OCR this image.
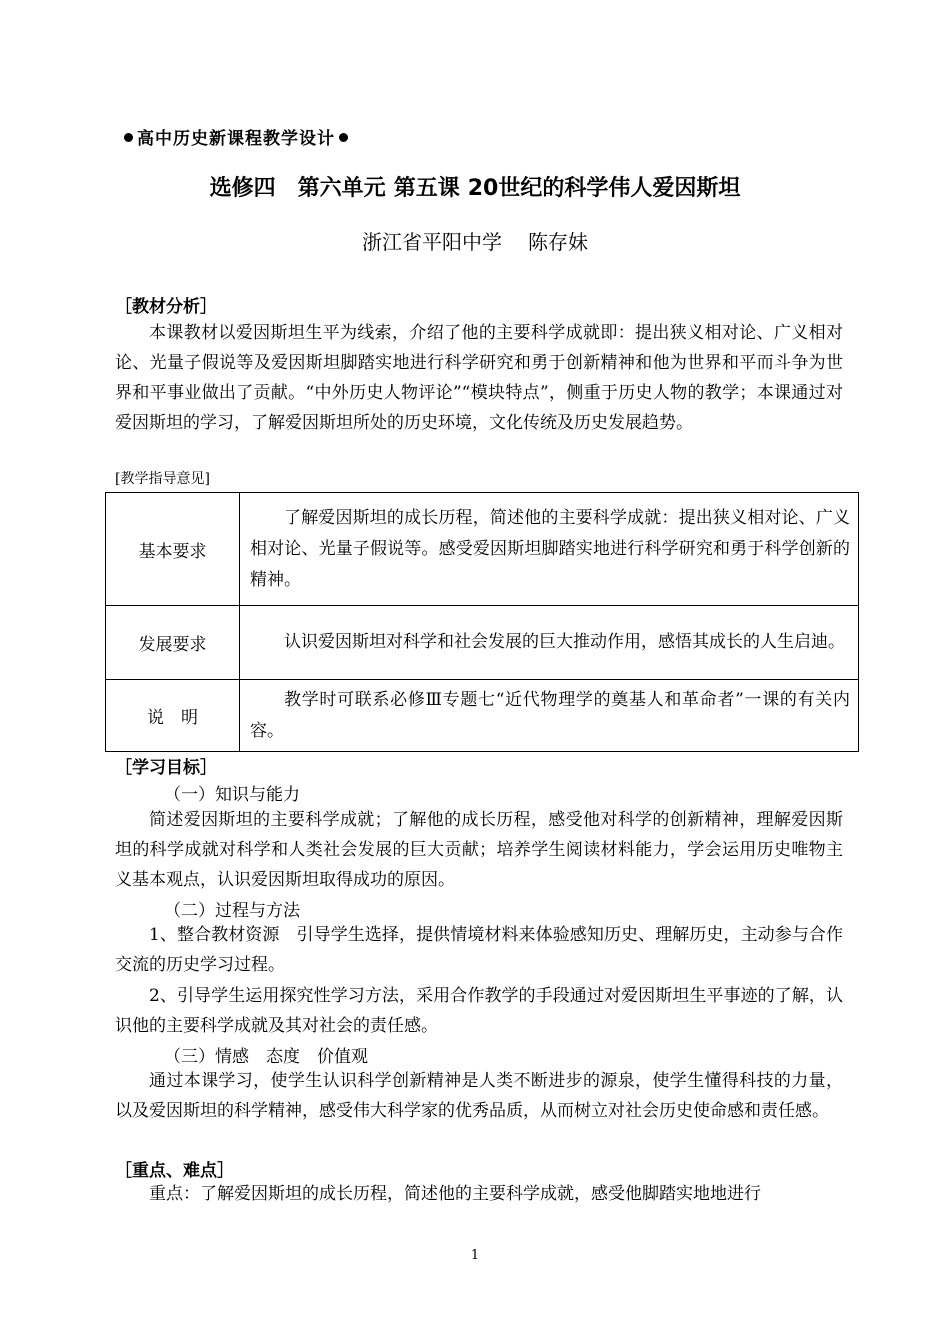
高中历史新课程教学设计
选修四 第六单元 第五课 20世纪的科学伟人爱因斯坦
浙江省平阳中学 陈存妹
［教材分析］
本课教材以爱因斯坦生平为线索，介绍了他的主要科学成就即：提出狭义相对论、广义相对论、光量子假说等及爱因斯坦脚踏实地进行科学研究和勇于创新精神和他为世界和平而斗争为世界和平事业做出了贡献。“中外历史人物评论”“模块特点”，侧重于历史人物的教学；本课通过对爱因斯坦的学习，了解爱因斯坦所处的历史环境，文化传统及历史发展趋势。
[教学指导意见]
基本要求	了解爱因斯坦的成长历程，简述他的主要科学成就：提出狭义相对论、广义相对论、光量子假说等。感受爱因斯坦脚踏实地进行科学研究和勇于科学创新的精神。
发展要求	认识爱因斯坦对科学和社会发展的巨大推动作用，感悟其成长的人生启迪。
说　明	教学时可联系必修Ⅲ专题七“近代物理学的奠基人和革命者”一课的有关内容。
［学习目标］
（一）知识与能力
简述爱因斯坦的主要科学成就；了解他的成长历程，感受他对科学的创新精神，理解爱因斯坦的科学成就对科学和人类社会发展的巨大贡献；培养学生阅读材料能力，学会运用历史唯物主义基本观点，认识爱因斯坦取得成功的原因。
（二）过程与方法
1、整合教材资源　引导学生选择，提供情境材料来体验感知历史、理解历史，主动参与合作交流的历史学习过程。
2、引导学生运用探究性学习方法，采用合作教学的手段通过对爱因斯坦生平事迹的了解，认识他的主要科学成就及其对社会的责任感。
（三）情感　态度　价值观
通过本课学习，使学生认识科学创新精神是人类不断进步的源泉，使学生懂得科技的力量，以及爱因斯坦的科学精神，感受伟大科学家的优秀品质，从而树立对社会历史使命感和责任感。
［重点、难点］
重点：了解爱因斯坦的成长历程，简述他的主要科学成就，感受他脚踏实地地进行
1
